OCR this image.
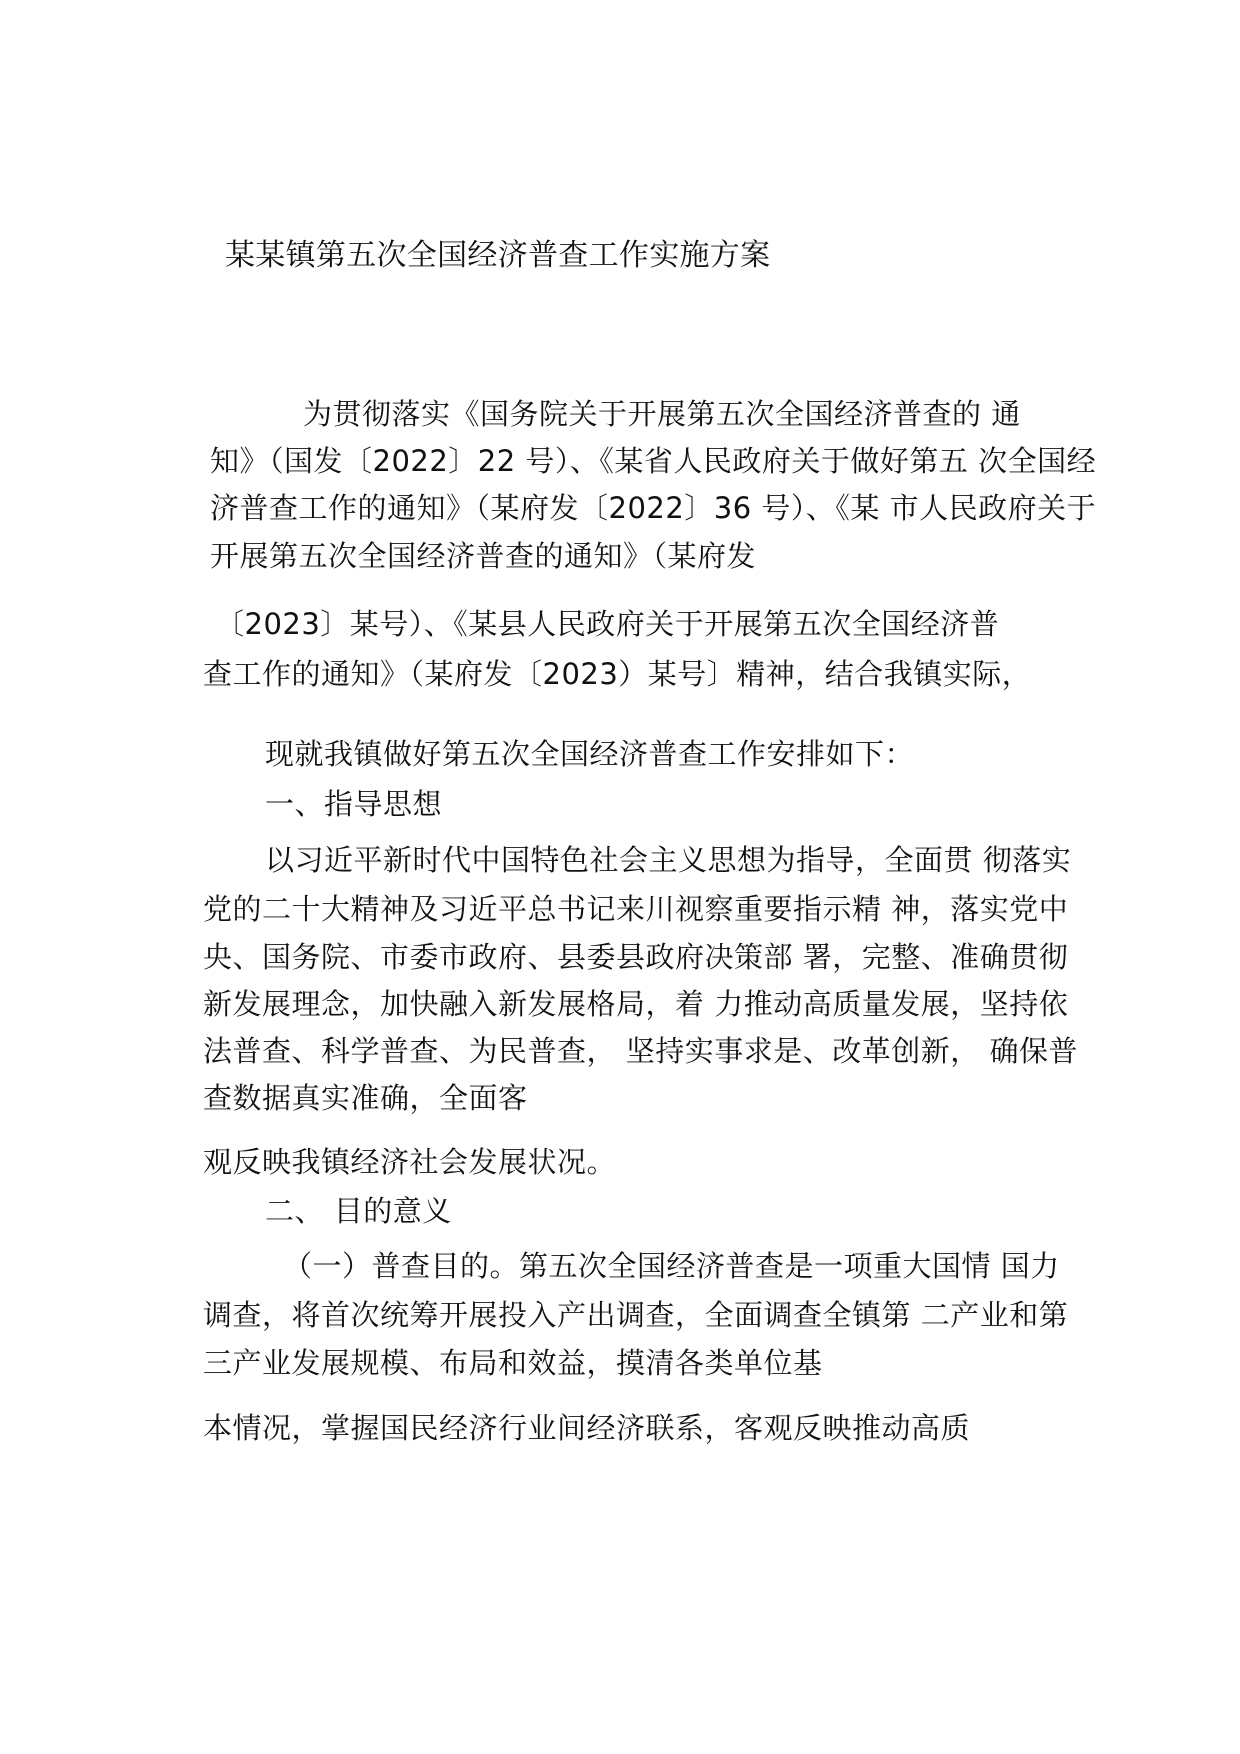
某某镇第五次全国经济普查工作实施方案
为贯彻落实《国务院关于开展第五次全国经济普查的 通
知》（国发〔2022〕22 号）、《某省人民政府关于做好第五 次全国经
济普查工作的通知》（某府发〔2022〕36 号）、《某 市人民政府关于
开展第五次全国经济普查的通知》（某府发
〔2023〕某号）、《某县人民政府关于开展第五次全国经济普
查工作的通知》（某府发〔2023）某号〕精神，结合我镇实际，
现就我镇做好第五次全国经济普查工作安排如下：
一、指导思想
以习近平新时代中国特色社会主义思想为指导，全面贯 彻落实
党的二十大精神及习近平总书记来川视察重要指示精 神，落实党中
央、国务院、市委市政府、县委县政府决策部 署，完整、准确贯彻
新发展理念，加快融入新发展格局，着 力推动高质量发展，坚持依
法普查、科学普查、为民普查， 坚持实事求是、改革创新， 确保普
查数据真实准确，全面客
观反映我镇经济社会发展状况。
二、 目的意义
（一）普查目的。第五次全国经济普查是一项重大国情 国力
调查，将首次统筹开展投入产出调查，全面调查全镇第 二产业和第
三产业发展规模、布局和效益，摸清各类单位基
本情况，掌握国民经济行业间经济联系，客观反映推动高质
